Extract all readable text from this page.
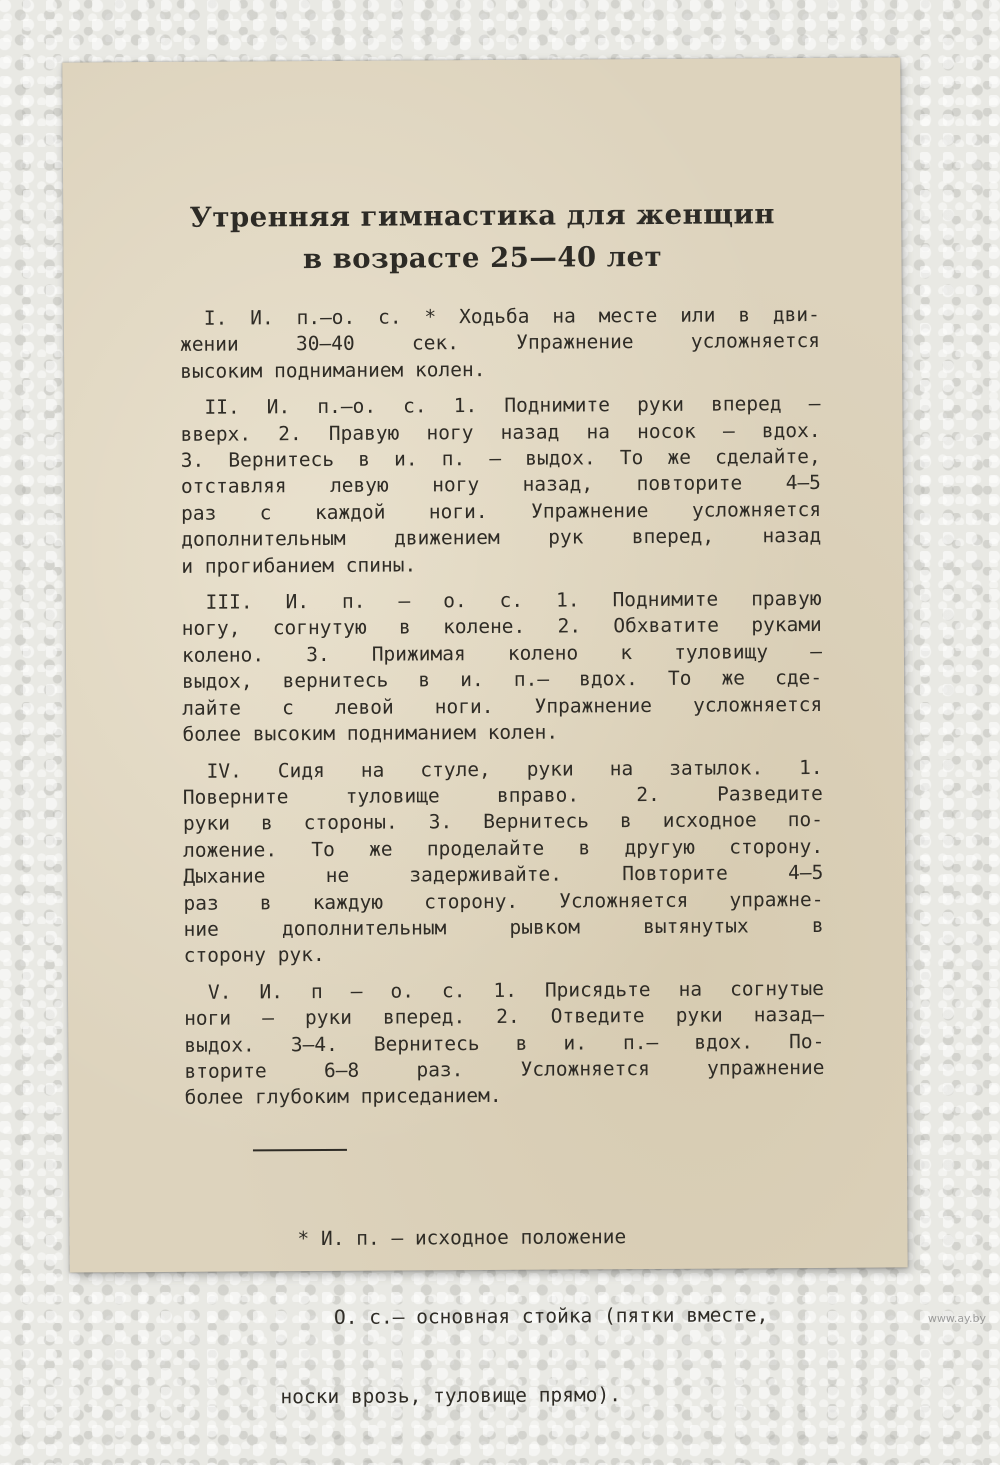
Утренняя гимнастика для женщин
в возрасте 25—40 лет
I. И. п.—о. с. * Ходьба на месте или в дви-
жении 30—40 сек. Упражнение усложняется
высоким подниманием колен.
II. И. п.—о. с. 1. Поднимите руки вперед —
вверх. 2. Правую ногу назад на носок — вдох.
3. Вернитесь в и. п. — выдох. То же сделайте,
отставляя левую ногу назад, повторите 4—5
раз с каждой ноги. Упражнение усложняется
дополнительным движением рук вперед, назад
и прогибанием спины.
III. И. п. — о. с. 1. Поднимите правую
ногу, согнутую в колене. 2. Обхватите руками
колено. 3. Прижимая колено к туловищу —
выдох, вернитесь в и. п.— вдох. То же сде-
лайте с левой ноги. Упражнение усложняется
более высоким подниманием колен.
IV. Сидя на стуле, руки на затылок. 1.
Поверните туловище вправо. 2. Разведите
руки в стороны. 3. Вернитесь в исходное по-
ложение. То же проделайте в другую сторону.
Дыхание не задерживайте. Повторите 4—5
раз в каждую сторону. Усложняется упражне-
ние дополнительным рывком вытянутых в
сторону рук.
V. И. п — о. с. 1. Присядьте на согнутые
ноги — руки вперед. 2. Отведите руки назад—
выдох. 3—4. Вернитесь в и. п.— вдох. По-
вторите 6—8 раз. Усложняется упражнение
более глубоким приседанием.

* И. п. — исходное положение

О. с.— основная стойка (пятки вместе,

носки врозь, туловище прямо).

www.ay.by
